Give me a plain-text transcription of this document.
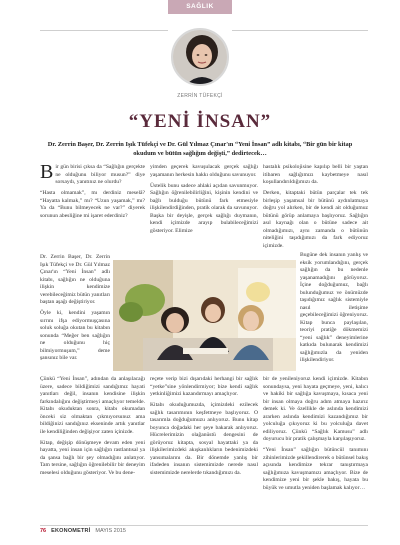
SAĞLIK
ZERRİN TÜFEKÇİ
“YENİ İNSAN”
Dr. Zerrin Başer, Dr. Zerrin Işık Tüfekçi ve Dr. Gül Yılmaz Çınar'ın “Yeni İnsan” adlı kitabı, “Bir gün bir kitap okudum ve bütün sağlığım değişti,” dedirtecek…

Bir gün birisi çıksa da “Sağlığın gerçekte ne olduğunu biliyor musun?” diye sorsaydı, yanıtınız ne olurdu?

“Hasta olmamak”, mı derdiniz meselâ? “Hayatta kalmak,” mı? “Uzun yaşamak,” mı? Ya da “Bunu bilmeyecek ne var?” diyerek sorunun abesliğine mi işaret ederdiniz?

Dr. Zerrin Başer, Dr. Zerrin Işık Tüfekçi ve Dr. Gül Yılmaz Çınar'ın “Yeni İnsan” adlı kitabı, sağlığın ne olduğuna ilişkin kendimize verebileceğimiz bütün yanıtları baştan aşağı değiştiriyor.

Öyle ki, kendini yaşamın sırrını ifşa ediyormuşçasına soluk soluğa okutan bu kitabın sonunda “Meğer ben sağlığın ne olduğunu hiç bilmiyormuşum,” deme şansınız bile var.

Çünkü “Yeni İnsan”, adından da anlaşılacağı üzere, sadece bildiğimizi sandığımız hayati yanıtları değil, insanın kendisine ilişkin farkındalığını değiştirmeyi amaçlıyor temelde. Kitabı okuduktan sonra, kitabı okumadan önceki siz olmaktan çıkmıyorsunuz ama bildiğinizi sandığınız ekseninde artık yanıtlar ile kendiliğinden değişiyor zaten içinizde.

Kitap, değişip dönüşmeye devam eden yeni hayatta, yeni insan için sağlığın rastlantısal ya da şansa bağlı bir şey olmadığını anlatıyor. Tam tersine, sağlığın öğrenilebilir bir deneyim meselesi olduğunu gösteriyor. Ve bu dene-

yimden geçerek kavuşulacak gerçek sağlığı yaşamanın herkesin hakkı olduğunu savunuyor.

Üstelik bunu sadece ahlaki açıdan savunmuyor. Sağlığın öğrenilebilirliğini, kişinin kendini ve bağlı bulduğu bütünü fark etmesiyle ilişkilendirdiğinden, pratik olarak da savunuyor. Başka bir deyişle, gerçek sağlığı duymanın, kendi içimizde arayıp bulabileceğimizi gösteriyor. Elimize

reçete verip bizi dışarıdaki herhangi bir sağlık “yetke”sine yönlendirmiyor; bize kendi sağlık yetkinliğimizi kazandırmayı amaçlıyor.

Kitabı okuduğumuzda, içimizdeki ezilecek sağlık tasarımının keşfetmeye başlıyoruz. O tasarımla doğduğumuzu anlıyoruz. Bunu kitap boyunca doğadaki her şeye bakarak anlıyoruz. Hücrelerimizin olağanüstü dengesini de görüyoruz kitapta, sosyal hayattaki ya da ilişkilerimizdeki akışkanlıkların bedenimizdeki yansımalarını da. Bir dönemde yanlış bir ifadeden insanın sistemimizde nerede nasıl sistemimizde nerelerde tıkandığımızı da.

hastalık psikolojisine kapılıp belli bir yaştan itibaren sağlığımızı kaybetmeye nasıl koşullandırıldığımızı da.

Derken, kitaptaki bütün parçalar tek tek birleşip yaşamsal bir bütünü aydınlatmaya doğru yol alırken, bir de kendi ait olduğumuz bütünü görüp anlamaya başlıyoruz. Sağlığın asıl kaynağı olan o bütüne sadece ait olmadığımızı, aynı zamanda o bütünün niteliğini taşıdığımızı da fark ediyoruz içimizde.

Bugüne dek insanın yanlış ve eksik yorumlandığını, gerçek sağlığın da bu nedenle yaşanamadığını görüyoruz. İçine doğduğumuz, bağlı bulunduğumuz ve önümüzde taşıdığımız sağlık sistemiyle nasıl iletişime geçebileceğimizi öğreniyoruz. Kitap bunca paylaşılan, teoriyi pratiğe dökmemizi “yeni sağlık” deneyimlerine katkıda bulunarak kendimizi sağlığımızla da yeniden ilişkilendiriyor.

bir de yenileniyoruz kendi içimizde. Kitabın sonundaysa, yeni hayata geçmeye, yeni, kalıcı ve hakiki bir sağlığa kavuşmaya, kısaca yeni bir insan olmaya doğru adım atmaya hazırız demek ki. Ve özellikle de aslında kendimizi ararken aslında kendimizi kazandığımız bir yolculuğa çıkıyoruz ki bu yolculuğa davet ediliyoruz. Çünkü “Sağlık Kamusu” adlı doyurucu bir pratik çalışmayla karşılaşıyoruz.

“Yeni İnsan” sağlığın bütüncül tanımını zihinlerimizde şekillendirerek o bütünsel bakış açısında kendimize tekrar tanıştırmaya sağlığımıza kavuşmamızı amaçlıyor. Bize de kendimize yeni bir şekle bakış, hayata bu büyük ve umutla yeniden başlamak kalıyor…

76 EKONOMETRİ MAYIS 2015
